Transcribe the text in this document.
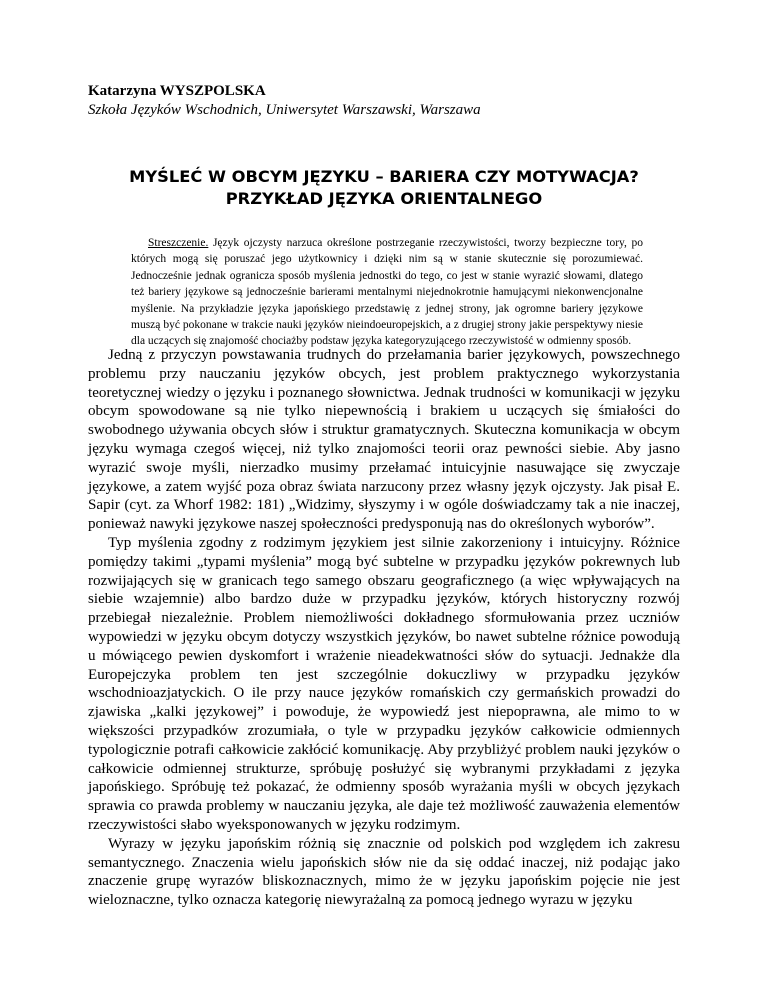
Katarzyna WYSZPOLSKA
Szkoła Języków Wschodnich, Uniwersytet Warszawski, Warszawa
MYŚLEĆ W OBCYM JĘZYKU – BARIERA CZY MOTYWACJA?
PRZYKŁAD JĘZYKA ORIENTALNEGO

Streszczenie. Język ojczysty narzuca określone postrzeganie rzeczywistości, tworzy bezpieczne tory, po których mogą się poruszać jego użytkownicy i dzięki nim są w stanie skutecznie się porozumiewać. Jednocześnie jednak ogranicza sposób myślenia jednostki do tego, co jest w stanie wyrazić słowami, dlatego też bariery językowe są jednocześnie barierami mentalnymi niejednokrotnie hamującymi niekonwencjonalne myślenie. Na przykładzie języka japońskiego przedstawię z jednej strony, jak ogromne bariery językowe muszą być pokonane w trakcie nauki języków nieindoeuropejskich, a z drugiej strony jakie perspektywy niesie dla uczących się znajomość chociażby podstaw języka kategoryzującego rzeczywistość w odmienny sposób.

Jedną z przyczyn powstawania trudnych do przełamania barier językowych, powszechnego problemu przy nauczaniu języków obcych, jest problem praktycznego wykorzystania teoretycznej wiedzy o języku i poznanego słownictwa. Jednak trudności w komunikacji w języku obcym spowodowane są nie tylko niepewnością i brakiem u uczących się śmiałości do swobodnego używania obcych słów i struktur gramatycznych. Skuteczna komunikacja w obcym języku wymaga czegoś więcej, niż tylko znajomości teorii oraz pewności siebie. Aby jasno wyrazić swoje myśli, nierzadko musimy przełamać intuicyjnie nasuwające się zwyczaje językowe, a zatem wyjść poza obraz świata narzucony przez własny język ojczysty. Jak pisał E. Sapir (cyt. za Whorf 1982: 181) „Widzimy, słyszymy i w ogóle doświadczamy tak a nie inaczej, ponieważ nawyki językowe naszej społeczności predysponują nas do określonych wyborów”.

Typ myślenia zgodny z rodzimym językiem jest silnie zakorzeniony i intuicyjny. Różnice pomiędzy takimi „typami myślenia” mogą być subtelne w przypadku języków pokrewnych lub rozwijających się w granicach tego samego obszaru geograficznego (a więc wpływających na siebie wzajemnie) albo bardzo duże w przypadku języków, których historyczny rozwój przebiegał niezależnie. Problem niemożliwości dokładnego sformułowania przez uczniów wypowiedzi w języku obcym dotyczy wszystkich języków, bo nawet subtelne różnice powodują u mówiącego pewien dyskomfort i wrażenie nieadekwatności słów do sytuacji. Jednakże dla Europejczyka problem ten jest szczególnie dokuczliwy w przypadku języków wschodnioazjatyckich. O ile przy nauce języków romańskich czy germańskich prowadzi do zjawiska „kalki językowej” i powoduje, że wypowiedź jest niepoprawna, ale mimo to w większości przypadków zrozumiała, o tyle w przypadku języków całkowicie odmiennych typologicznie potrafi całkowicie zakłócić komunikację. Aby przybliżyć problem nauki języków o całkowicie odmiennej strukturze, spróbuję posłużyć się wybranymi przykładami z języka japońskiego. Spróbuję też pokazać, że odmienny sposób wyrażania myśli w obcych językach sprawia co prawda problemy w nauczaniu języka, ale daje też możliwość zauważenia elementów rzeczywistości słabo wyeksponowanych w języku rodzimym.

Wyrazy w języku japońskim różnią się znacznie od polskich pod względem ich zakresu semantycznego. Znaczenia wielu japońskich słów nie da się oddać inaczej, niż podając jako znaczenie grupę wyrazów bliskoznacznych, mimo że w języku japońskim pojęcie nie jest wieloznaczne, tylko oznacza kategorię niewyrażalną za pomocą jednego wyrazu w języku
